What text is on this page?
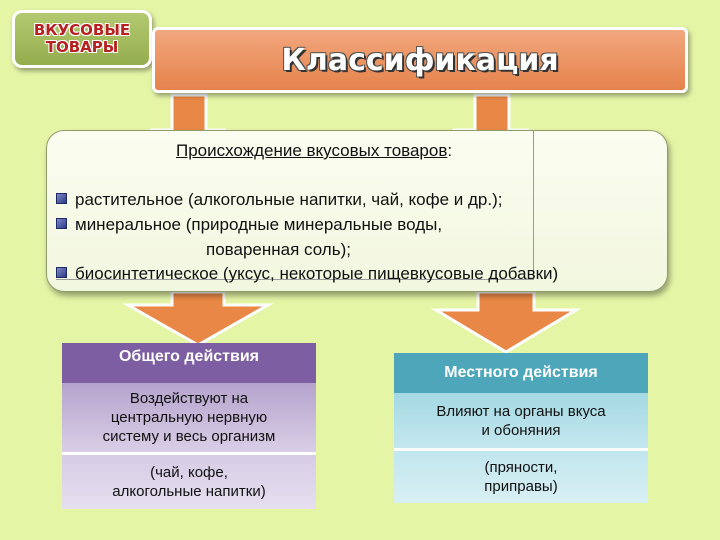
ВКУСОВЫЕ
ТОВАРЫ	Классификация
Происхождение вкусовых товаров:
растительное (алкогольные напитки, чай, кофе и др.);
минеральное (природные минеральные воды,
поваренная соль);
биосинтетическое (уксус, некоторые пищевкусовые добавки)
Общего действия
Воздействуют на
центральную нервную
систему и весь организм
(чай, кофе,
алкогольные напитки)
Местного действия
Влияют на органы вкуса
и обоняния
(пряности,
приправы)
